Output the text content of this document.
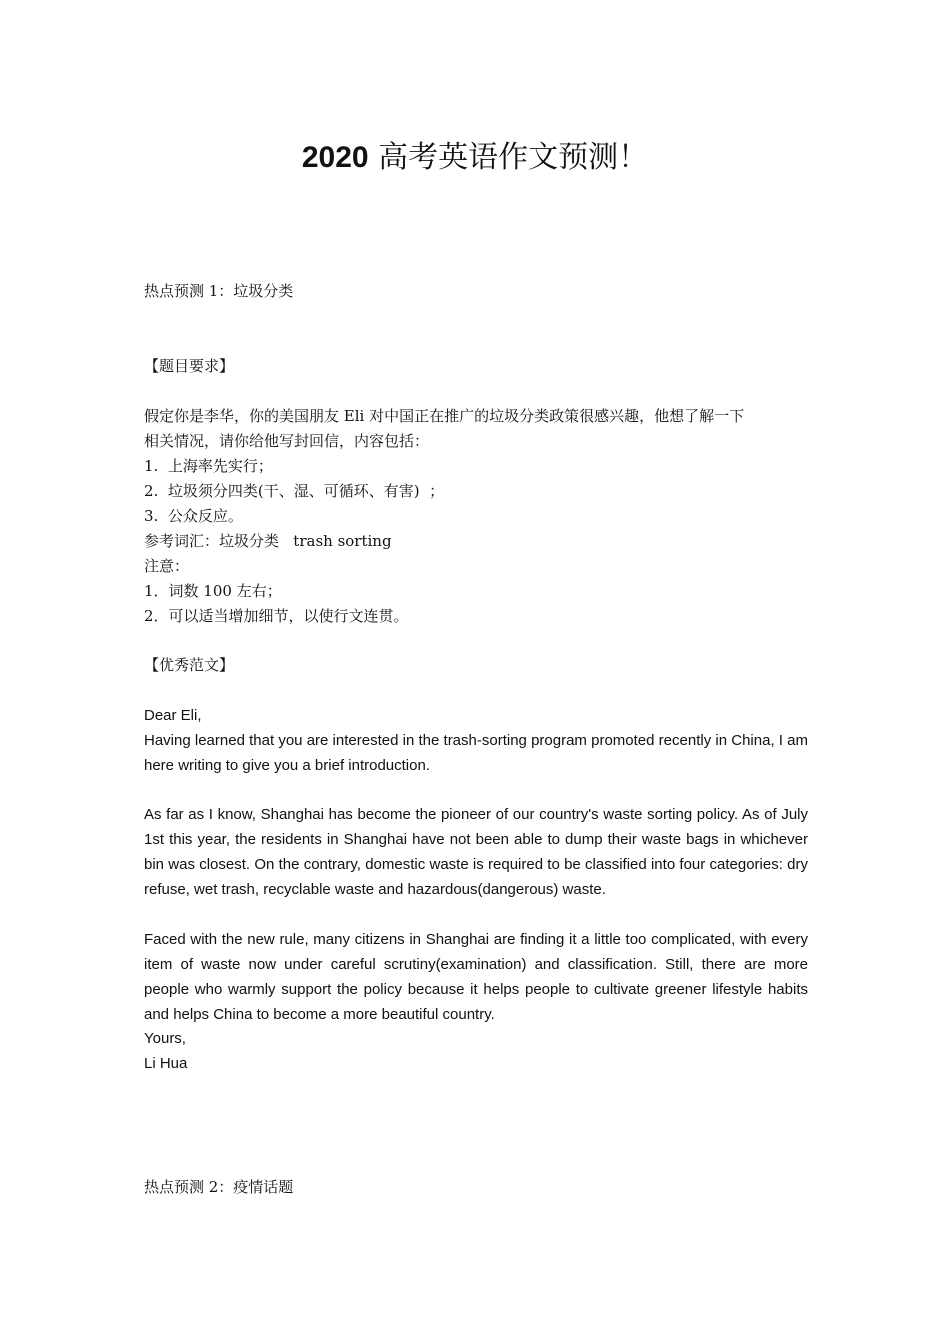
2020 高考英语作文预测！
热点预测 1：垃圾分类
【题目要求】
假定你是李华，你的美国朋友 Eli 对中国正在推广的垃圾分类政策很感兴趣，他想了解一下
相关情况，请你给他写封回信，内容包括：
1.  上海率先实行；
2.  垃圾须分四类(干、湿、可循环、有害)  ；
3.  公众反应。
参考词汇：垃圾分类   trash sorting
注意：
1．词数 100 左右；
2．可以适当增加细节，以使行文连贯。
【优秀范文】
Dear Eli,

Having learned that you are interested in the trash-sorting program promoted recently in China, I am here writing to give you a brief introduction.

As far as I know, Shanghai has become the pioneer of our country's waste sorting policy. As of July 1st this year, the residents in Shanghai have not been able to dump their waste bags in whichever bin was closest. On the contrary, domestic waste is required to be classified into four categories: dry refuse, wet trash, recyclable waste and hazardous(dangerous) waste.

Faced with the new rule, many citizens in Shanghai are finding it a little too complicated, with every item of waste now under careful scrutiny(examination) and classification. Still, there are more people who warmly support the policy because it helps people to cultivate greener lifestyle habits and helps China to become a more beautiful country.

Yours,
Li Hua
热点预测 2：疫情话题
